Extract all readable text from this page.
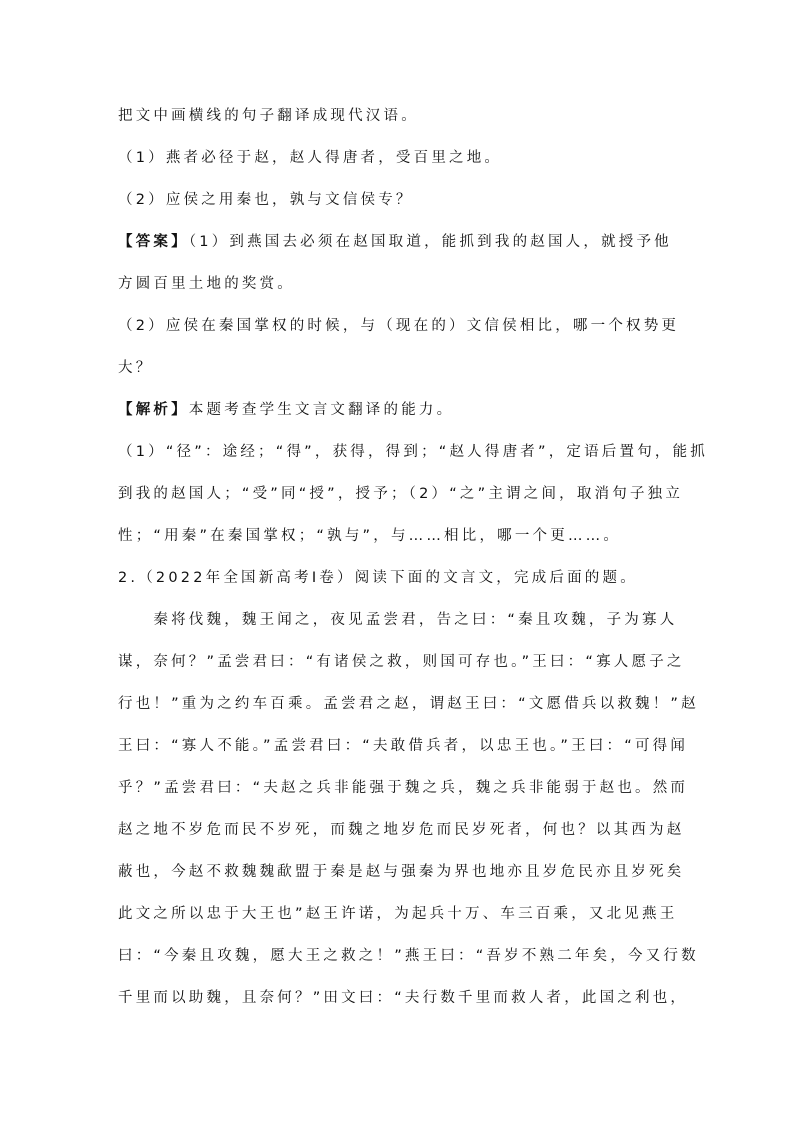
把文中画横线的句子翻译成现代汉语。
（1）燕者必径于赵，赵人得唐者，受百里之地。
（2）应侯之用秦也，孰与文信侯专？
【答案】（1）到燕国去必须在赵国取道，能抓到我的赵国人，就授予他
方圆百里土地的奖赏。
（2）应侯在秦国掌权的时候，与（现在的）文信侯相比，哪一个权势更
大？
【解析】本题考查学生文言文翻译的能力。
（1）“径”：途经；“得”，获得，得到；“赵人得唐者”，定语后置句，能抓
到我的赵国人；“受”同“授”，授予；（2）“之”主谓之间，取消句子独立
性；“用秦”在秦国掌权；“孰与”，与……相比，哪一个更……。
2.（2022年全国新高考Ⅰ卷）阅读下面的文言文，完成后面的题。
　　秦将伐魏，魏王闻之，夜见孟尝君，告之曰：“秦且攻魏，子为寡人
谋，奈何？”孟尝君曰：“有诸侯之救，则国可存也。”王曰：“寡人愿子之
行也！”重为之约车百乘。孟尝君之赵，谓赵王曰：“文愿借兵以救魏！”赵
王曰：“寡人不能。”孟尝君曰：“夫敢借兵者，以忠王也。”王曰：“可得闻
乎？”孟尝君曰：“夫赵之兵非能强于魏之兵，魏之兵非能弱于赵也。然而
赵之地不岁危而民不岁死，而魏之地岁危而民岁死者，何也？以其西为赵
蔽也，今赵不救魏魏歃盟于秦是赵与强秦为界也地亦且岁危民亦且岁死矣
此文之所以忠于大王也”赵王许诺，为起兵十万、车三百乘，又北见燕王
曰：“今秦且攻魏，愿大王之救之！”燕王曰：“吾岁不熟二年矣，今又行数
千里而以助魏，且奈何？”田文曰：“夫行数千里而救人者，此国之利也，
